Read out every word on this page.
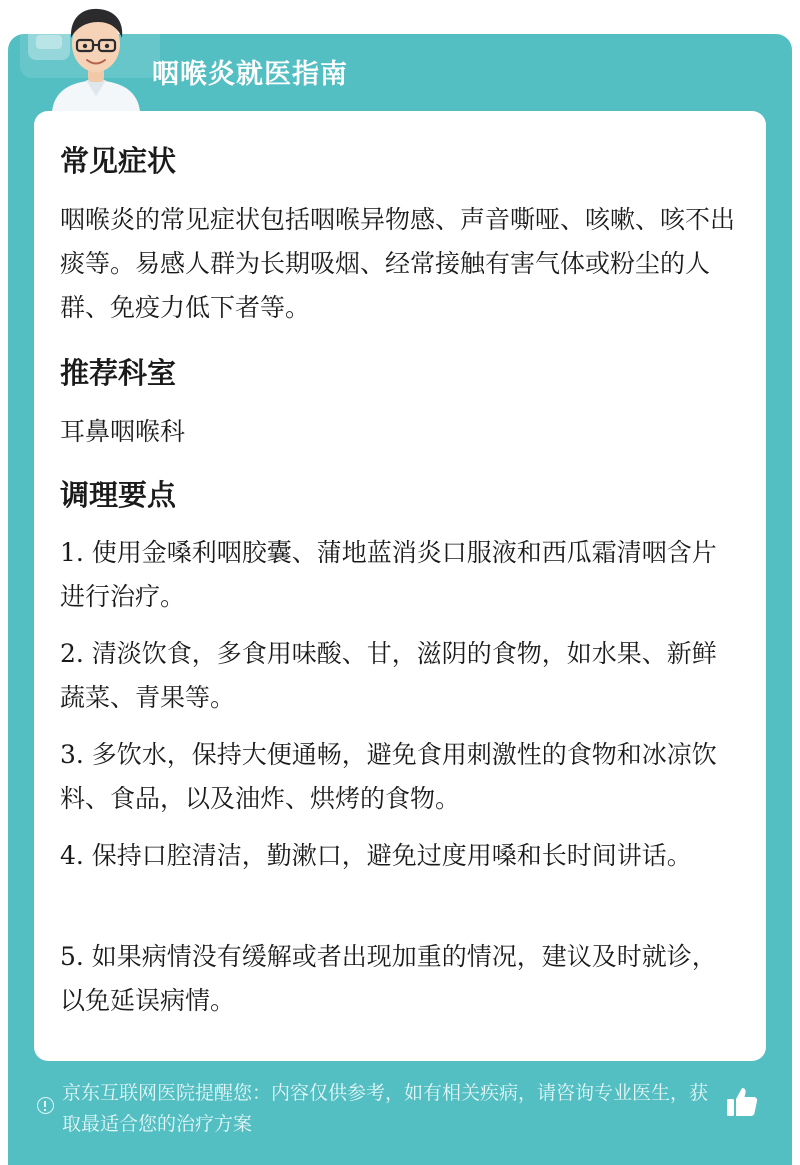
咽喉炎就医指南
常见症状
咽喉炎的常见症状包括咽喉异物感、声音嘶哑、咳嗽、咳不出痰等。易感人群为长期吸烟、经常接触有害气体或粉尘的人群、免疫力低下者等。
推荐科室
耳鼻咽喉科
调理要点
1. 使用金嗓利咽胶囊、蒲地蓝消炎口服液和西瓜霜清咽含片进行治疗。
2. 清淡饮食，多食用味酸、甘，滋阴的食物，如水果、新鲜蔬菜、青果等。
3. 多饮水，保持大便通畅，避免食用刺激性的食物和冰凉饮料、食品，以及油炸、烘烤的食物。
4. 保持口腔清洁，勤漱口，避免过度用嗓和长时间讲话。
5. 如果病情没有缓解或者出现加重的情况，建议及时就诊，以免延误病情。
京东互联网医院提醒您：内容仅供参考，如有相关疾病，请咨询专业医生，获取最适合您的治疗方案
